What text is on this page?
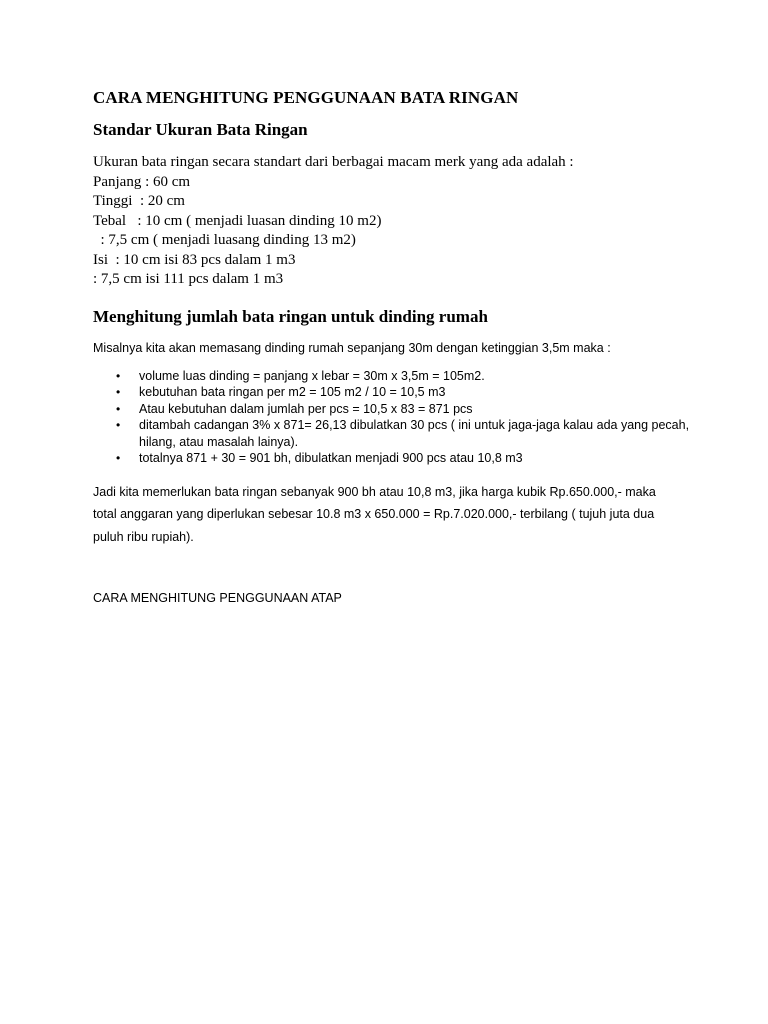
CARA MENGHITUNG PENGGUNAAN BATA RINGAN

Standar Ukuran Bata Ringan

Ukuran bata ringan secara standart dari berbagai macam merk yang ada adalah :

Panjang : 60 cm

Tinggi  : 20 cm

Tebal   : 10 cm ( menjadi luasan dinding 10 m2)

: 7,5 cm ( menjadi luasang dinding 13 m2)

Isi  : 10 cm isi 83 pcs dalam 1 m3

: 7,5 cm isi 111 pcs dalam 1 m3

Menghitung jumlah bata ringan untuk dinding rumah

Misalnya kita akan memasang dinding rumah sepanjang 30m dengan ketinggian 3,5m maka :

• volume luas dinding = panjang x lebar = 30m x 3,5m = 105m2.
• kebutuhan bata ringan per m2 = 105 m2 / 10 = 10,5 m3
• Atau kebutuhan dalam jumlah per pcs = 10,5 x 83 = 871 pcs
• ditambah cadangan 3% x 871= 26,13 dibulatkan 30 pcs ( ini untuk jaga-jaga kalau ada yang pecah, hilang, atau masalah lainya).
• totalnya 871 + 30 = 901 bh, dibulatkan menjadi 900 pcs atau 10,8 m3

Jadi kita memerlukan bata ringan sebanyak 900 bh atau 10,8 m3, jika harga kubik Rp.650.000,- maka total anggaran yang diperlukan sebesar 10.8 m3 x 650.000 = Rp.7.020.000,- terbilang ( tujuh juta dua puluh ribu rupiah).

CARA MENGHITUNG PENGGUNAAN ATAP
